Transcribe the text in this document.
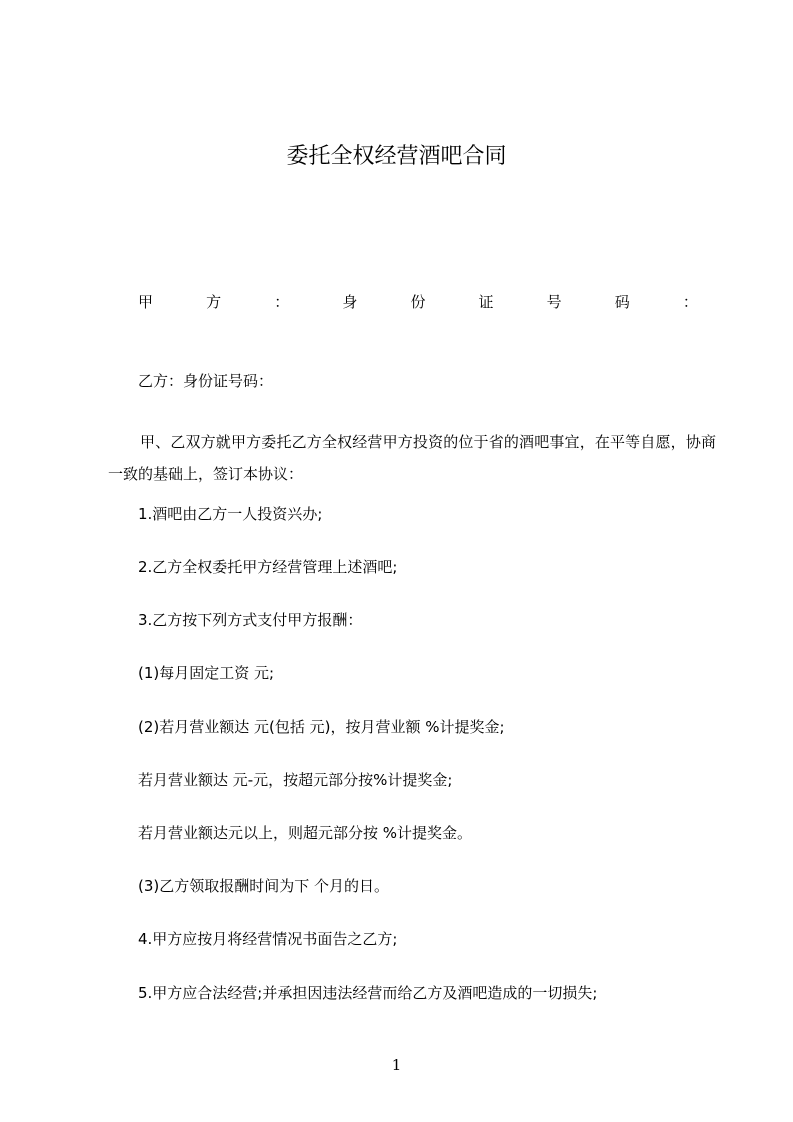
委托全权经营酒吧合同
甲	方	：	身	份	证	号	码	：
乙方：身份证号码：

甲、乙双方就甲方委托乙方全权经营甲方投资的位于省的酒吧事宜，在平等自愿，协商一致的基础上，签订本协议：

1.酒吧由乙方一人投资兴办;
2.乙方全权委托甲方经营管理上述酒吧;
3.乙方按下列方式支付甲方报酬：
(1)每月固定工资 元;
(2)若月营业额达 元(包括 元)，按月营业额 %计提奖金;
若月营业额达 元-元，按超元部分按%计提奖金;
若月营业额达元以上，则超元部分按 %计提奖金。
(3)乙方领取报酬时间为下 个月的日。
4.甲方应按月将经营情况书面告之乙方;
5.甲方应合法经营;并承担因违法经营而给乙方及酒吧造成的一切损失;
1
